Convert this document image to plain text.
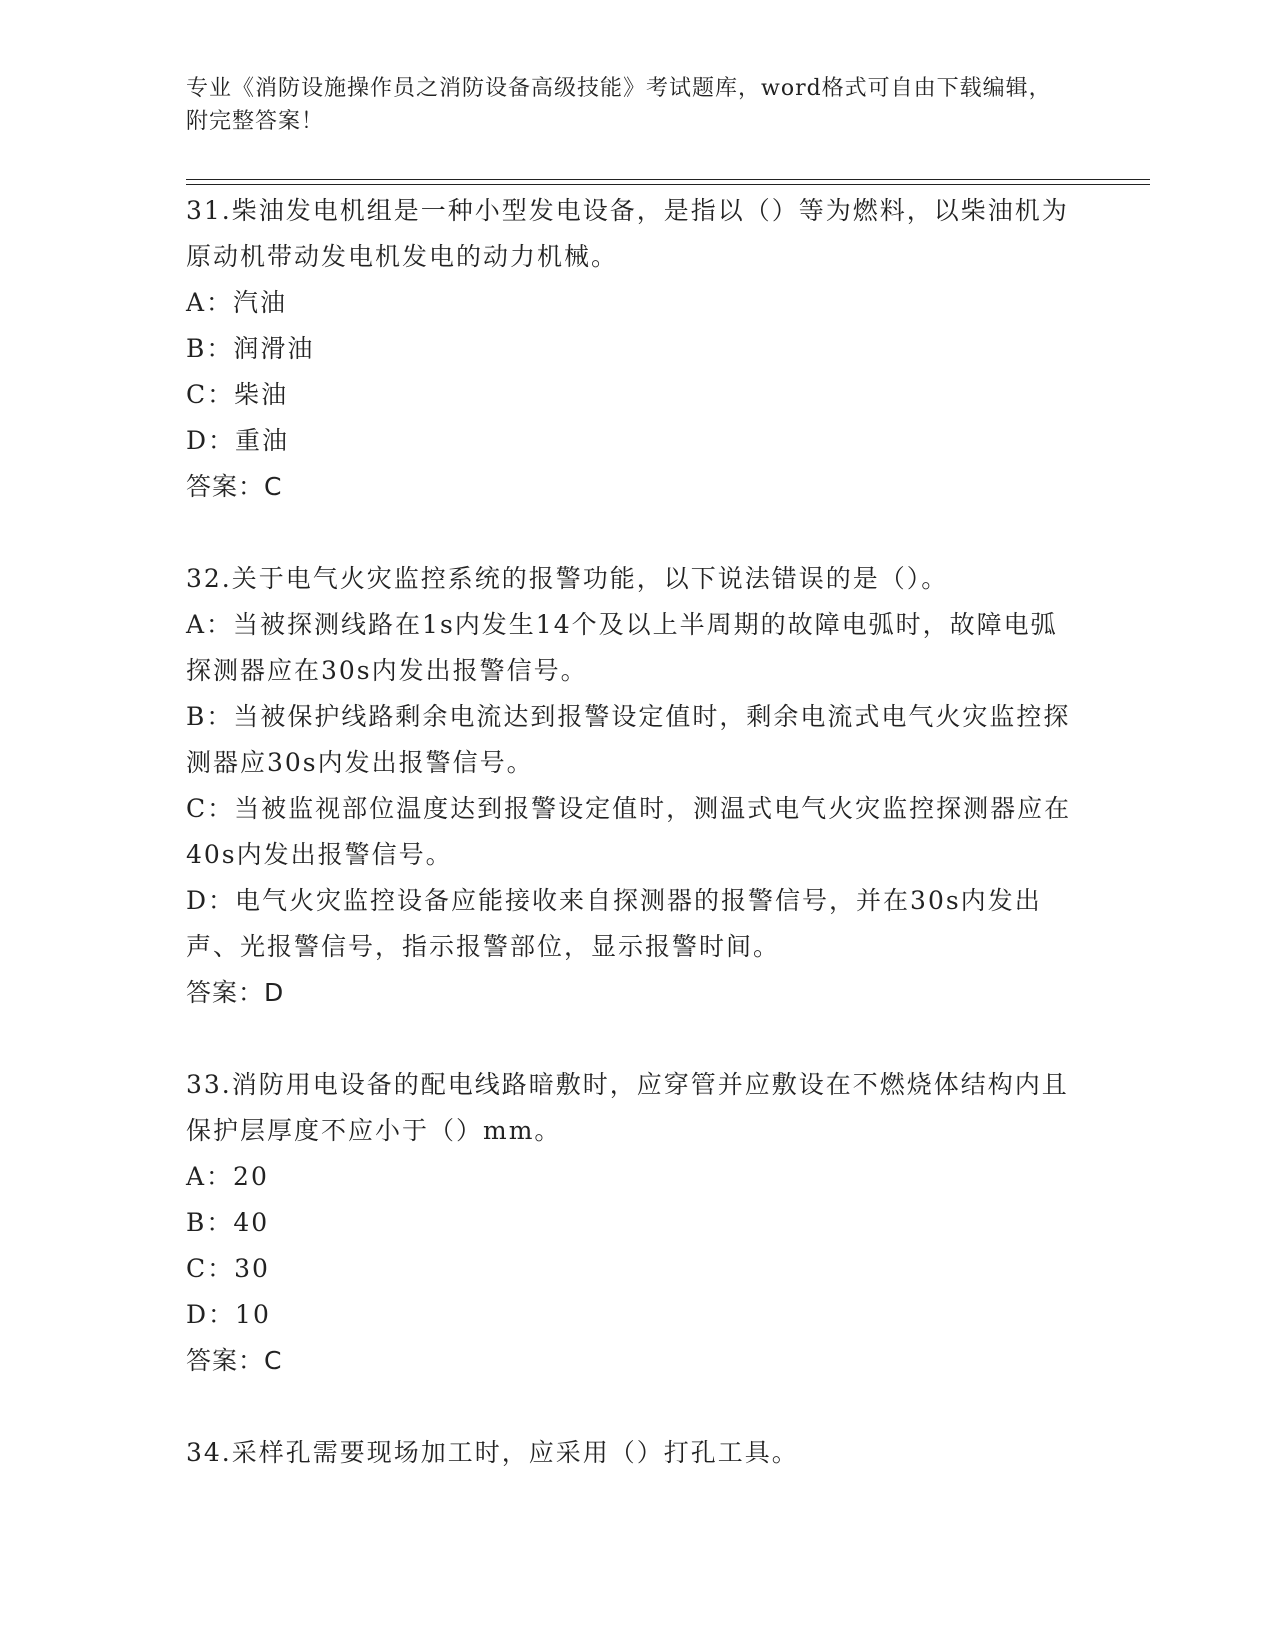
专业《消防设施操作员之消防设备高级技能》考试题库，word格式可自由下载编辑，附完整答案！

31.柴油发电机组是一种小型发电设备，是指以（）等为燃料，以柴油机为原动机带动发电机发电的动力机械。

A：汽油

B：润滑油

C：柴油

D：重油

答案：C

32.关于电气火灾监控系统的报警功能，以下说法错误的是（）。

A：当被探测线路在1s内发生14个及以上半周期的故障电弧时，故障电弧探测器应在30s内发出报警信号。

B：当被保护线路剩余电流达到报警设定值时，剩余电流式电气火灾监控探测器应30s内发出报警信号。

C：当被监视部位温度达到报警设定值时，测温式电气火灾监控探测器应在40s内发出报警信号。

D：电气火灾监控设备应能接收来自探测器的报警信号，并在30s内发出声、光报警信号，指示报警部位，显示报警时间。

答案：D

33.消防用电设备的配电线路暗敷时，应穿管并应敷设在不燃烧体结构内且保护层厚度不应小于（）mm。

A：20

B：40

C：30

D：10

答案：C

34.采样孔需要现场加工时，应采用（）打孔工具。
